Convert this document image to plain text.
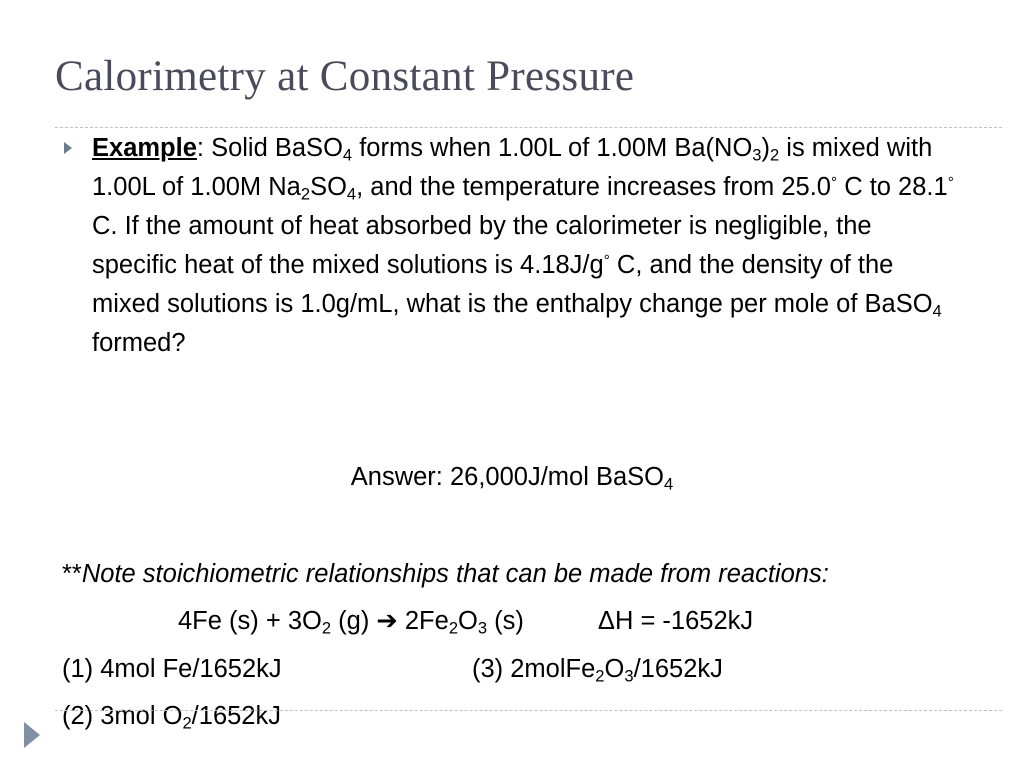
Calorimetry at Constant Pressure
Example: Solid BaSO$_4$ forms when 1.00L of 1.00M $Ba(NO_3)_2$ is mixed with 1.00L of 1.00M $Na_2SO_4$, and the temperature increases from 25.0° C to 28.1° C. If the amount of heat absorbed by the calorimeter is negligible, the specific heat of the mixed solutions is 4.18J/g° C, and the density of the mixed solutions is 1.0g/mL, what is the enthalpy change per mole of BaSO$_4$ formed?
Answer: 26,000J/mol BaSO$_4$
**Note stoichiometric relationships that can be made from reactions:
4Fe $(s) + 3O_2$ (g) ➔ $2Fe_2O_3$ (s)	ΔH = -1652kJ
(1) 4mol Fe/1652kJ	(3) $2molFe_2O_3/1652kJ$
(2) 3mol $O_2/1652kJ$
